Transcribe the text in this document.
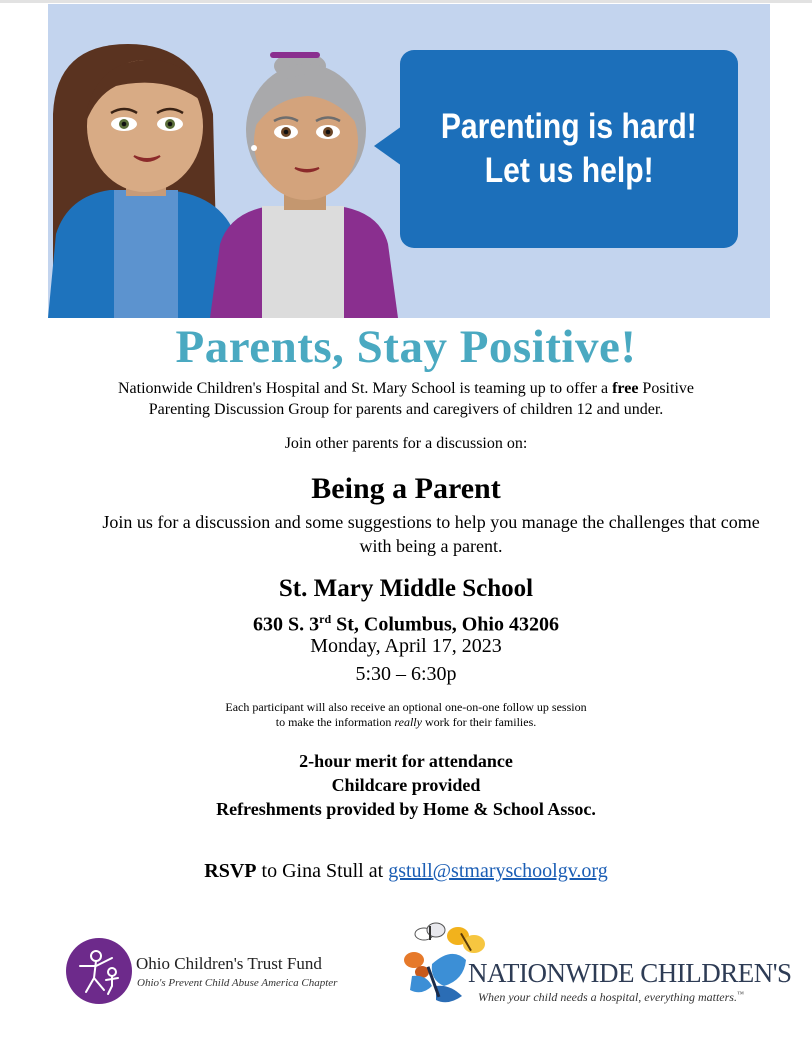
Parenting is hard!
Let us help!
Parents, Stay Positive!
Nationwide Children's Hospital and St. Mary School is teaming up to offer a free Positive
Parenting Discussion Group for parents and caregivers of children 12 and under.
Join other parents for a discussion on:
Being a Parent
Join us for a discussion and some suggestions to help you manage the challenges that come with being a parent.
St. Mary Middle School
630 S. 3rd St, Columbus, Ohio 43206
Monday, April 17, 2023
5:30 – 6:30p
Each participant will also receive an optional one-on-one follow up session
to make the information really work for their families.
2-hour merit for attendance
Childcare provided
Refreshments provided by Home & School Assoc.
RSVP to Gina Stull at gstull@stmaryschoolgv.org
Ohio Children's Trust Fund
Ohio's Prevent Child Abuse America Chapter	NATIONWIDE CHILDREN'S
When your child needs a hospital, everything matters.™
